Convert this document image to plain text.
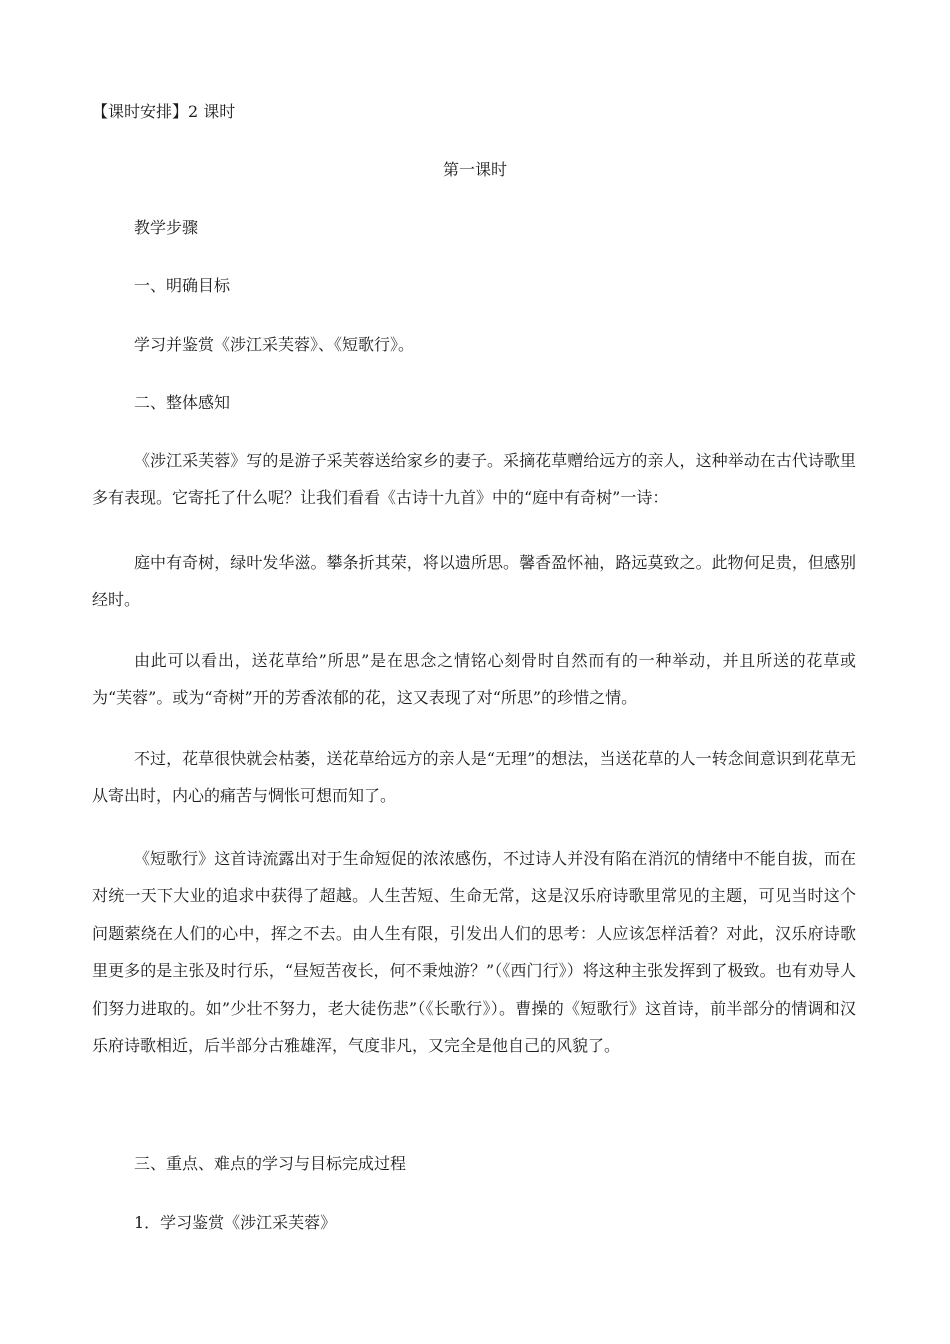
【课时安排】2 课时
第一课时
教学步骤
一、明确目标
学习并鉴赏《涉江采芙蓉》、《短歌行》。
二、整体感知

《涉江采芙蓉》写的是游子采芙蓉送给家乡的妻子。采摘花草赠给远方的亲人，这种举动在古代诗歌里多有表现。它寄托了什么呢？让我们看看《古诗十九首》中的“庭中有奇树”一诗：

庭中有奇树，绿叶发华滋。攀条折其荣，将以遗所思。馨香盈怀袖，路远莫致之。此物何足贵，但感别经时。

由此可以看出，送花草给”所思”是在思念之情铭心刻骨时自然而有的一种举动，并且所送的花草或为“芙蓉”。或为“奇树”开的芳香浓郁的花，这又表现了对“所思”的珍惜之情。

不过，花草很快就会枯萎，送花草给远方的亲人是“无理”的想法，当送花草的人一转念间意识到花草无从寄出时，内心的痛苦与惆怅可想而知了。

《短歌行》这首诗流露出对于生命短促的浓浓感伤，不过诗人并没有陷在消沉的情绪中不能自拔，而在对统一天下大业的追求中获得了超越。人生苦短、生命无常，这是汉乐府诗歌里常见的主题，可见当时这个问题萦绕在人们的心中，挥之不去。由人生有限，引发出人们的思考：人应该怎样活着？对此，汉乐府诗歌里更多的是主张及时行乐，“昼短苦夜长，何不秉烛游？”（《西门行》）将这种主张发挥到了极致。也有劝导人们努力进取的。如”少壮不努力，老大徒伤悲”（《长歌行》）。曹操的《短歌行》这首诗，前半部分的情调和汉乐府诗歌相近，后半部分古雅雄浑，气度非凡，又完全是他自己的风貌了。

三、重点、难点的学习与目标完成过程
1．学习鉴赏《涉江采芙蓉》
